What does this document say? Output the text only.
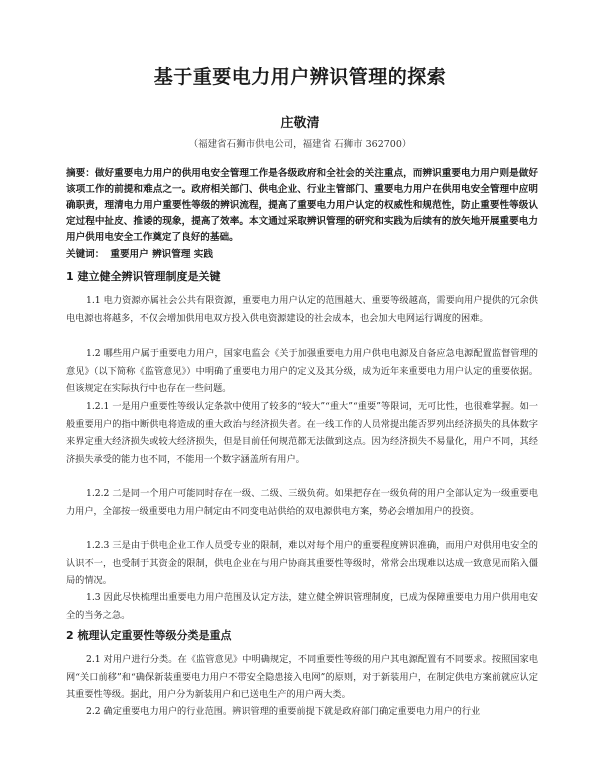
基于重要电力用户辨识管理的探索
庄敬清
（福建省石狮市供电公司，福建省 石狮市 362700）
摘要：做好重要电力用户的供用电安全管理工作是各级政府和全社会的关注重点，而辨识重要电力用户则是做好该项工作的前提和难点之一。政府相关部门、供电企业、行业主管部门、重要电力用户在供用电安全管理中应明确职责，理清电力用户重要性等级的辨识流程，提高了重要电力用户认定的权威性和规范性，防止重要性等级认定过程中扯皮、推诿的现象，提高了效率。本文通过采取辨识管理的研究和实践为后续有的放矢地开展重要电力用户供用电安全工作奠定了良好的基础。
关键词： 重要用户 辨识管理 实践
1 建立健全辨识管理制度是关键
1.1 电力资源亦属社会公共有限资源，重要电力用户认定的范围越大、重要等级越高，需要向用户提供的冗余供电电源也将越多，不仅会增加供用电双方投入供电资源建设的社会成本，也会加大电网运行调度的困难。
1.2 哪些用户属于重要电力用户，国家电监会《关于加强重要电力用户供电电源及自备应急电源配置监督管理的意见》（以下简称《监管意见》）中明确了重要电力用户的定义及其分级，成为近年来重要电力用户认定的重要依据。但该规定在实际执行中也存在一些问题。
1.2.1 一是用户重要性等级认定条款中使用了较多的“较大”“重大”“重要”等限词，无可比性，也很难掌握。如一般重要用户的指中断供电将造成的重大政治与经济损失者。在一线工作的人员常提出能否罗列出经济损失的具体数字来界定重大经济损失或较大经济损失，但是目前任何规范都无法做到这点。因为经济损失不易量化，用户不同，其经济损失承受的能力也不同，不能用一个数字涵盖所有用户。
1.2.2 二是同一个用户可能同时存在一级、二级、三级负荷。如果把存在一级负荷的用户全部认定为一级重要电力用户，全部按一级重要电力用户制定由不同变电站供给的双电源供电方案，势必会增加用户的投资。
1.2.3 三是由于供电企业工作人员受专业的限制，难以对每个用户的重要程度辨识准确，而用户对供用电安全的认识不一，也受制于其资金的限制，供电企业在与用户协商其重要性等级时，常常会出现难以达成一致意见而陷入僵局的情况。
1.3 因此尽快梳理出重要电力用户范围及认定方法，建立健全辨识管理制度，已成为保障重要电力用户供用电安全的当务之急。
2 梳理认定重要性等级分类是重点
2.1 对用户进行分类。在《监管意见》中明确规定，不同重要性等级的用户其电源配置有不同要求。按照国家电网“关口前移”和“确保新装重要电力用户不带安全隐患接入电网”的原则，对于新装用户，在制定供电方案前就应认定其重要性等级。据此，用户分为新装用户和已送电生产的用户两大类。
2.2 确定重要电力用户的行业范围。辨识管理的重要前提下就是政府部门确定重要电力用户的行业
